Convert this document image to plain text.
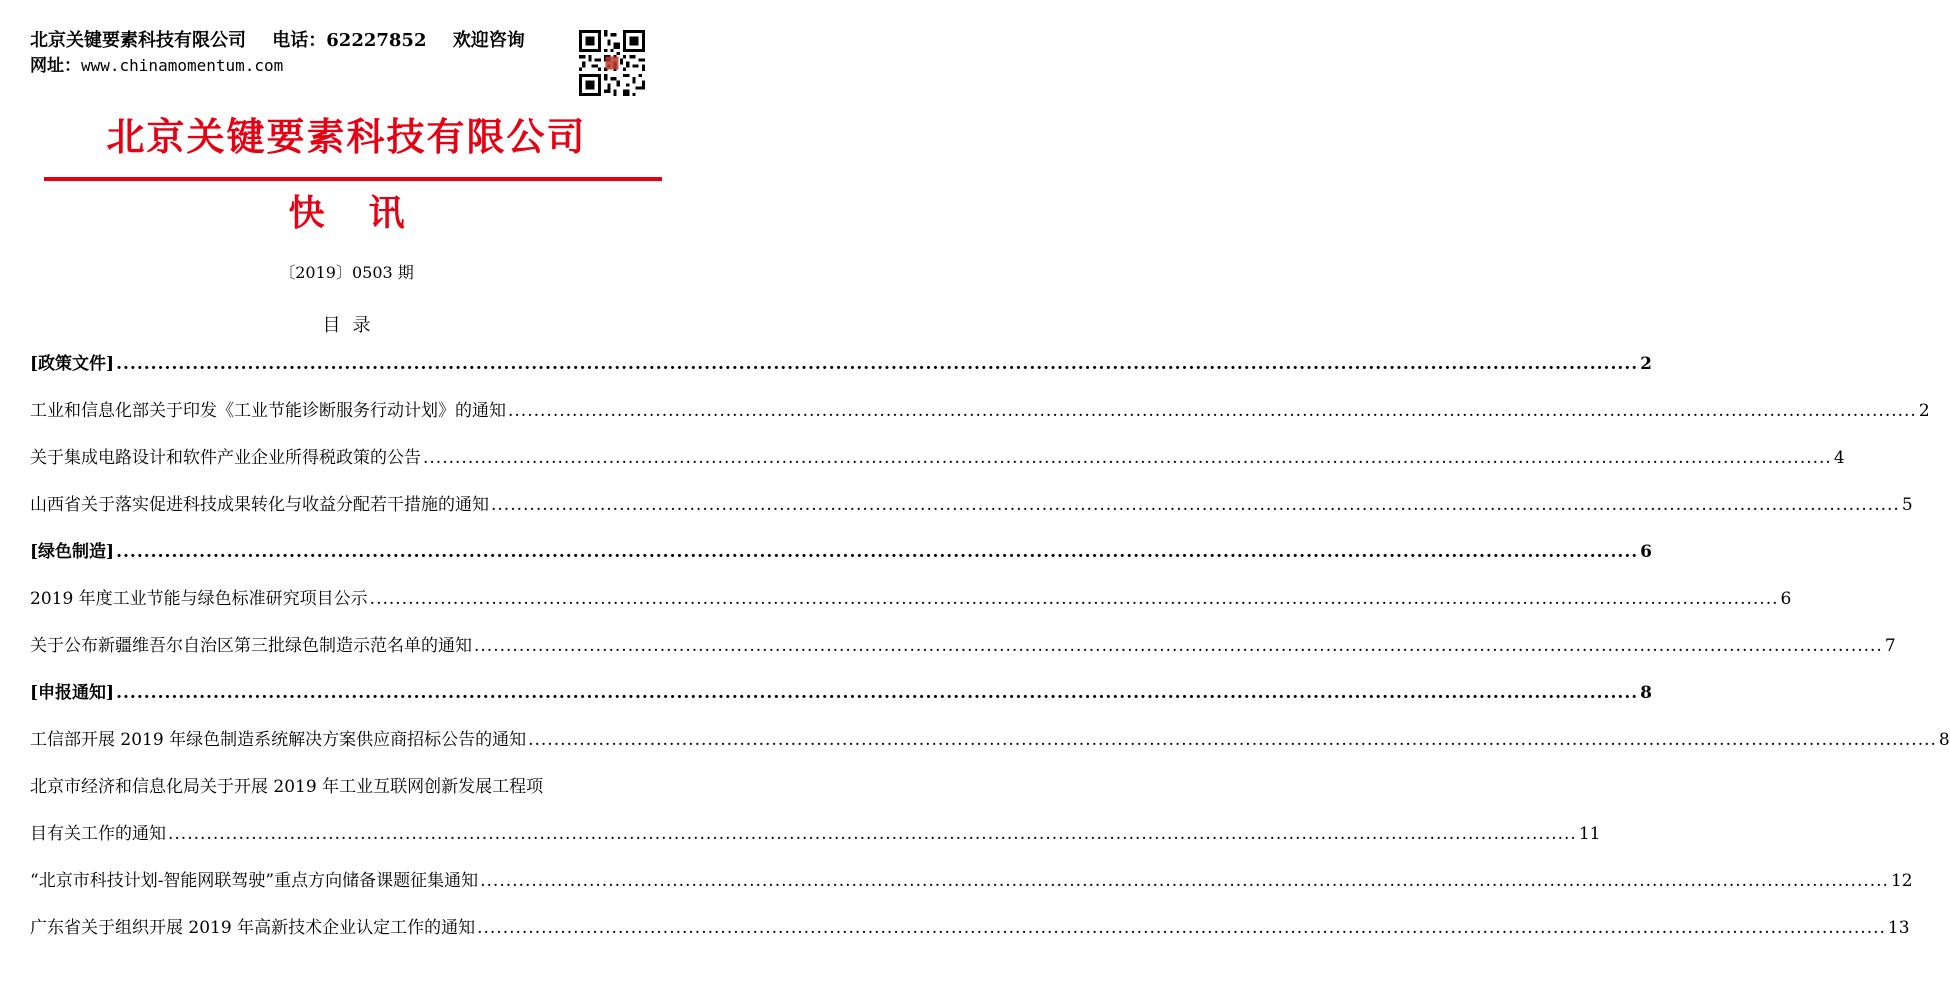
北京关键要素科技有限公司 电话：62227852 欢迎咨询
网址：www.chinamomentum.com
北京关键要素科技有限公司
快讯
〔2019〕0503 期
目录
[政策文件] ............................................................................................................................................................................................................................ 2
工业和信息化部关于印发《工业节能诊断服务行动计划》的通知 ............................................................................................................................................................................................................................ 2
关于集成电路设计和软件产业企业所得税政策的公告 ............................................................................................................................................................................................................................ 4
山西省关于落实促进科技成果转化与收益分配若干措施的通知 ............................................................................................................................................................................................................................ 5
[绿色制造] ............................................................................................................................................................................................................................ 6
2019 年度工业节能与绿色标准研究项目公示 ............................................................................................................................................................................................................................ 6
关于公布新疆维吾尔自治区第三批绿色制造示范名单的通知 ............................................................................................................................................................................................................................ 7
[申报通知] ............................................................................................................................................................................................................................ 8
工信部开展 2019 年绿色制造系统解决方案供应商招标公告的通知 ............................................................................................................................................................................................................................ 8
北京市经济和信息化局关于开展 2019 年工业互联网创新发展工程项
目有关工作的通知 ............................................................................................................................................................................................................................ 11
“北京市科技计划-智能网联驾驶”重点方向储备课题征集通知 ............................................................................................................................................................................................................................ 12
广东省关于组织开展 2019 年高新技术企业认定工作的通知 ............................................................................................................................................................................................................................ 13
